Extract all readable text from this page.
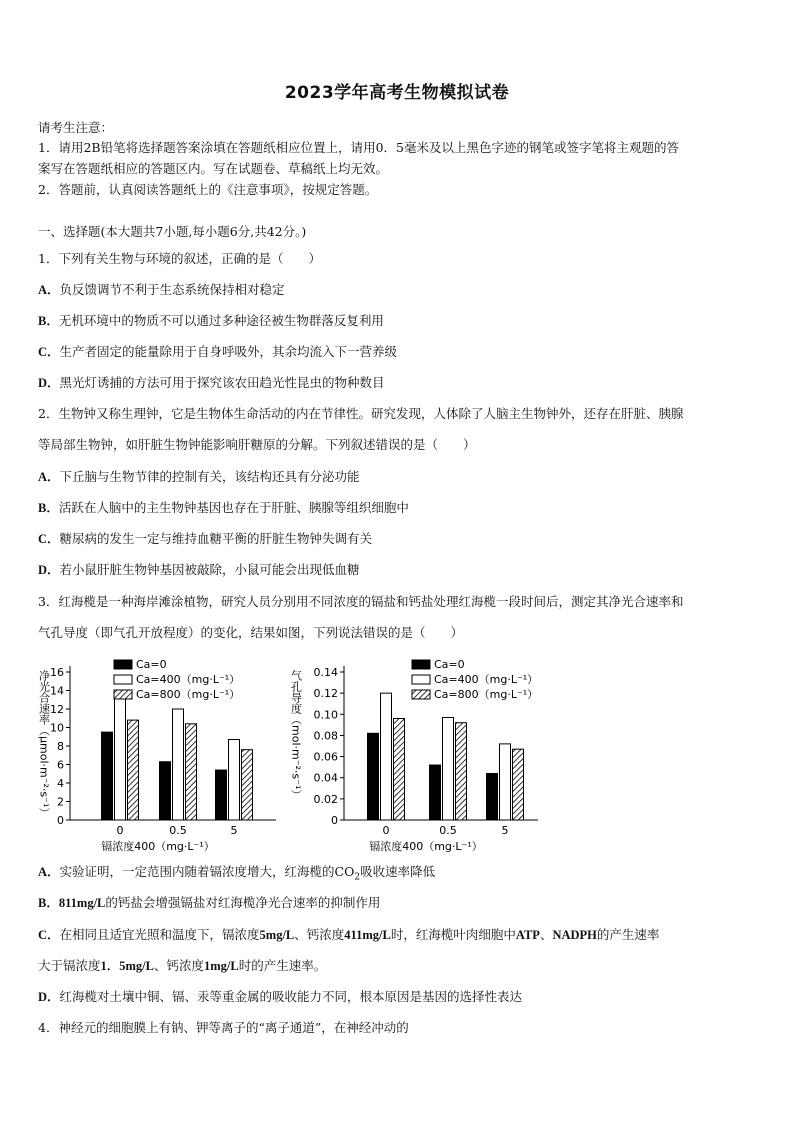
2023学年高考生物模拟试卷
请考生注意：
1．请用2B铅笔将选择题答案涂填在答题纸相应位置上，请用0．5毫米及以上黑色字迹的钢笔或签字笔将主观题的答
案写在答题纸相应的答题区内。写在试题卷、草稿纸上均无效。
2．答题前，认真阅读答题纸上的《注意事项》，按规定答题。
一、选择题(本大题共7小题,每小题6分,共42分。)
1．下列有关生物与环境的叙述，正确的是（　　）
A．负反馈调节不利于生态系统保持相对稳定
B．无机环境中的物质不可以通过多种途径被生物群落反复利用
C．生产者固定的能量除用于自身呼吸外，其余均流入下一营养级
D．黑光灯诱捕的方法可用于探究该农田趋光性昆虫的物种数目
2．生物钟又称生理钟，它是生物体生命活动的内在节律性。研究发现，人体除了人脑主生物钟外，还存在肝脏、胰腺
等局部生物钟，如肝脏生物钟能影响肝糖原的分解。下列叙述错误的是（　　）
A．下丘脑与生物节律的控制有关，该结构还具有分泌功能
B．活跃在人脑中的主生物钟基因也存在于肝脏、胰腺等组织细胞中
C．糖尿病的发生一定与维持血糖平衡的肝脏生物钟失调有关
D．若小鼠肝脏生物钟基因被敲除，小鼠可能会出现低血糖
3．红海榄是一种海岸滩涂植物，研究人员分别用不同浓度的镉盐和钙盐处理红海榄一段时间后，测定其净光合速率和
气孔导度（即气孔开放程度）的变化，结果如图，下列说法错误的是（　　）
0
2
4
6
8
10
12
14
16
净光合速率（μmol·m⁻²·s⁻¹）
0	0.5	5
镉浓度400（mg·L⁻¹）
Ca=0
Ca=400（mg·L⁻¹）
Ca=800（mg·L⁻¹）
0
0.02
0.04
0.06
0.08
0.10
0.12
0.14
气孔导度（mol·m⁻²·s⁻¹）
0	0.5	5
镉浓度400（mg·L⁻¹）
Ca=0
Ca=400（mg·L⁻¹）
Ca=800（mg·L⁻¹）
A．实验证明，一定范围内随着镉浓度增大，红海榄的$CO_2$吸收速率降低
B．811mg/L的钙盐会增强镉盐对红海榄净光合速率的抑制作用
C．在相同且适宜光照和温度下，镉浓度5mg/L、钙浓度411mg/L时，红海榄叶肉细胞中ATP、NADPH的产生速率
大于镉浓度1．5mg/L、钙浓度1mg/L时的产生速率。
D．红海榄对土壤中铜、镉、汞等重金属的吸收能力不同，根本原因是基因的选择性表达
4．神经元的细胞膜上有钠、钾等离子的“离子通道”，在神经冲动的
